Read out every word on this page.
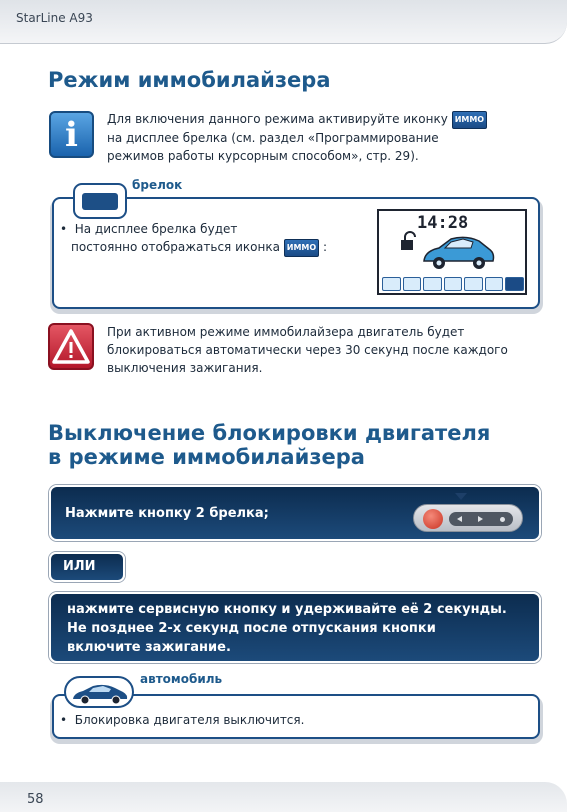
StarLine A93
Режим иммобилайзера
i	Для включения данного режима активируйте иконку ИММО
на дисплее брелка (см. раздел «Программирование
режимов работы курсорным способом», стр. 29).
брелок
•  На дисплее брелка будет
постоянно отображаться иконка ИММО :
14:28
При активном режиме иммобилайзера двигатель будет
блокироваться автоматически через 30 секунд после каждого
выключения зажигания.
Выключение блокировки двигателя
в режиме иммобилайзера
Нажмите кнопку 2 брелка;
ИЛИ
нажмите сервисную кнопку и удерживайте её 2 секунды.
Не позднее 2-х секунд после отпускания кнопки
включите зажигание.
автомобиль
•  Блокировка двигателя выключится.
58
